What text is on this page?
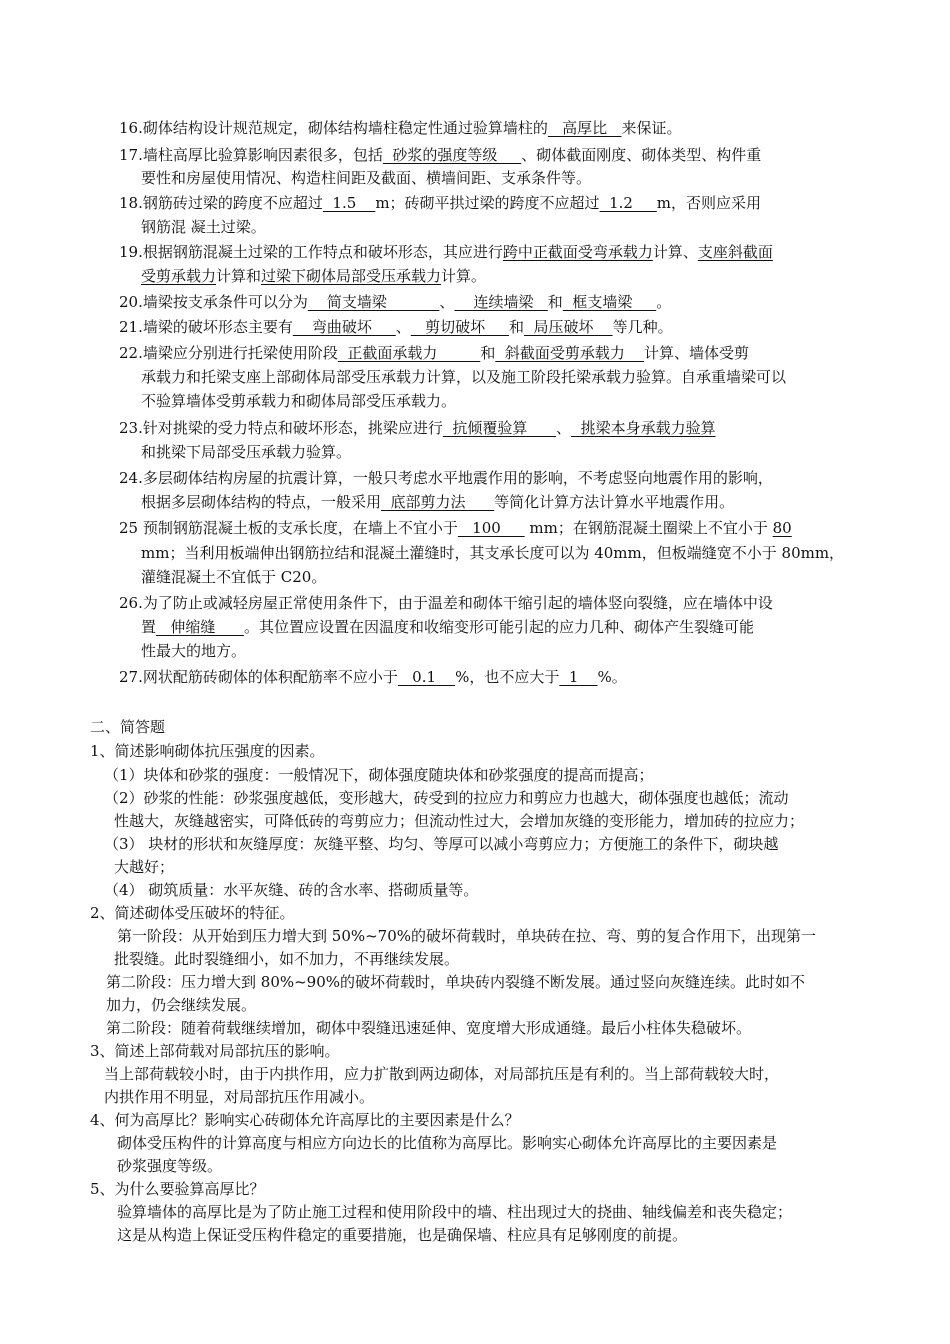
16.砌体结构设计规范规定，砌体结构墙柱稳定性通过验算墙柱的   高厚比   来保证。
17.墙柱高厚比验算影响因素很多，包括  砂浆的强度等级     、砌体截面刚度、砌体类型、构件重
要性和房屋使用情况、构造柱间距及截面、横墙间距、支承条件等。
18.钢筋砖过梁的跨度不应超过  1.5    m；砖砌平拱过梁的跨度不应超过  1.2     m，否则应采用
钢筋混 凝土过梁。
19.根据钢筋混凝土过梁的工作特点和破坏形态，其应进行跨中正截面受弯承载力计算、支座斜截面
受剪承载力计算和过梁下砌体局部受压承载力计算。
20.墙梁按支承条件可以分为    简支墙梁           、    连续墙梁   和  框支墙梁     。
21.墙梁的破坏形态主要有    弯曲破坏     、   剪切破坏     和  局压破坏    等几种。
22.墙梁应分别进行托梁使用阶段  正截面承载力         和  斜截面受剪承载力    计算、墙体受剪
承载力和托梁支座上部砌体局部受压承载力计算，以及施工阶段托梁承载力验算。自承重墙梁可以
不验算墙体受剪承载力和砌体局部受压承载力。
23.针对挑梁的受力特点和破坏形态，挑梁应进行  抗倾覆验算      、  挑梁本身承载力验算
和挑梁下局部受压承载力验算。
24.多层砌体结构房屋的抗震计算，一般只考虑水平地震作用的影响，不考虑竖向地震作用的影响，
根据多层砌体结构的特点，一般采用  底部剪力法      等简化计算方法计算水平地震作用。
25 预制钢筋混凝土板的支承长度，在墙上不宜小于   100      mm；在钢筋混凝土圈梁上不宜小于 80
mm；当利用板端伸出钢筋拉结和混凝土灌缝时，其支承长度可以为 40mm，但板端缝宽不小于 80mm，
灌缝混凝土不宜低于 C20。
26.为了防止或减轻房屋正常使用条件下，由于温差和砌体干缩引起的墙体竖向裂缝，应在墙体中设
置   伸缩缝      。其位置应设置在因温度和收缩变形可能引起的应力几种、砌体产生裂缝可能
性最大的地方。
27.网状配筋砖砌体的体积配筋率不应小于   0.1    %，也不应大于  1    %。
二、简答题
1、简述影响砌体抗压强度的因素。
（1）块体和砂浆的强度：一般情况下，砌体强度随块体和砂浆强度的提高而提高；
（2）砂浆的性能：砂浆强度越低，变形越大，砖受到的拉应力和剪应力也越大，砌体强度也越低；流动
性越大，灰缝越密实，可降低砖的弯剪应力；但流动性过大，会增加灰缝的变形能力，增加砖的拉应力；
（3） 块材的形状和灰缝厚度：灰缝平整、均匀、等厚可以减小弯剪应力；方便施工的条件下，砌块越
大越好；
（4） 砌筑质量：水平灰缝、砖的含水率、搭砌质量等。
2、简述砌体受压破坏的特征。
第一阶段：从开始到压力增大到 50%~70%的破坏荷载时，单块砖在拉、弯、剪的复合作用下，出现第一
批裂缝。此时裂缝细小，如不加力，不再继续发展。
第二阶段：压力增大到 80%~90%的破坏荷载时，单块砖内裂缝不断发展。通过竖向灰缝连续。此时如不
加力，仍会继续发展。
第二阶段：随着荷载继续增加，砌体中裂缝迅速延伸、宽度增大形成通缝。最后小柱体失稳破坏。
3、简述上部荷载对局部抗压的影响。
当上部荷载较小时，由于内拱作用，应力扩散到两边砌体，对局部抗压是有利的。当上部荷载较大时，
内拱作用不明显，对局部抗压作用减小。
4、何为高厚比？影响实心砖砌体允许高厚比的主要因素是什么？
砌体受压构件的计算高度与相应方向边长的比值称为高厚比。影响实心砌体允许高厚比的主要因素是
砂浆强度等级。
5、为什么要验算高厚比？
验算墙体的高厚比是为了防止施工过程和使用阶段中的墙、柱出现过大的挠曲、轴线偏差和丧失稳定；
这是从构造上保证受压构件稳定的重要措施，也是确保墙、柱应具有足够刚度的前提。
